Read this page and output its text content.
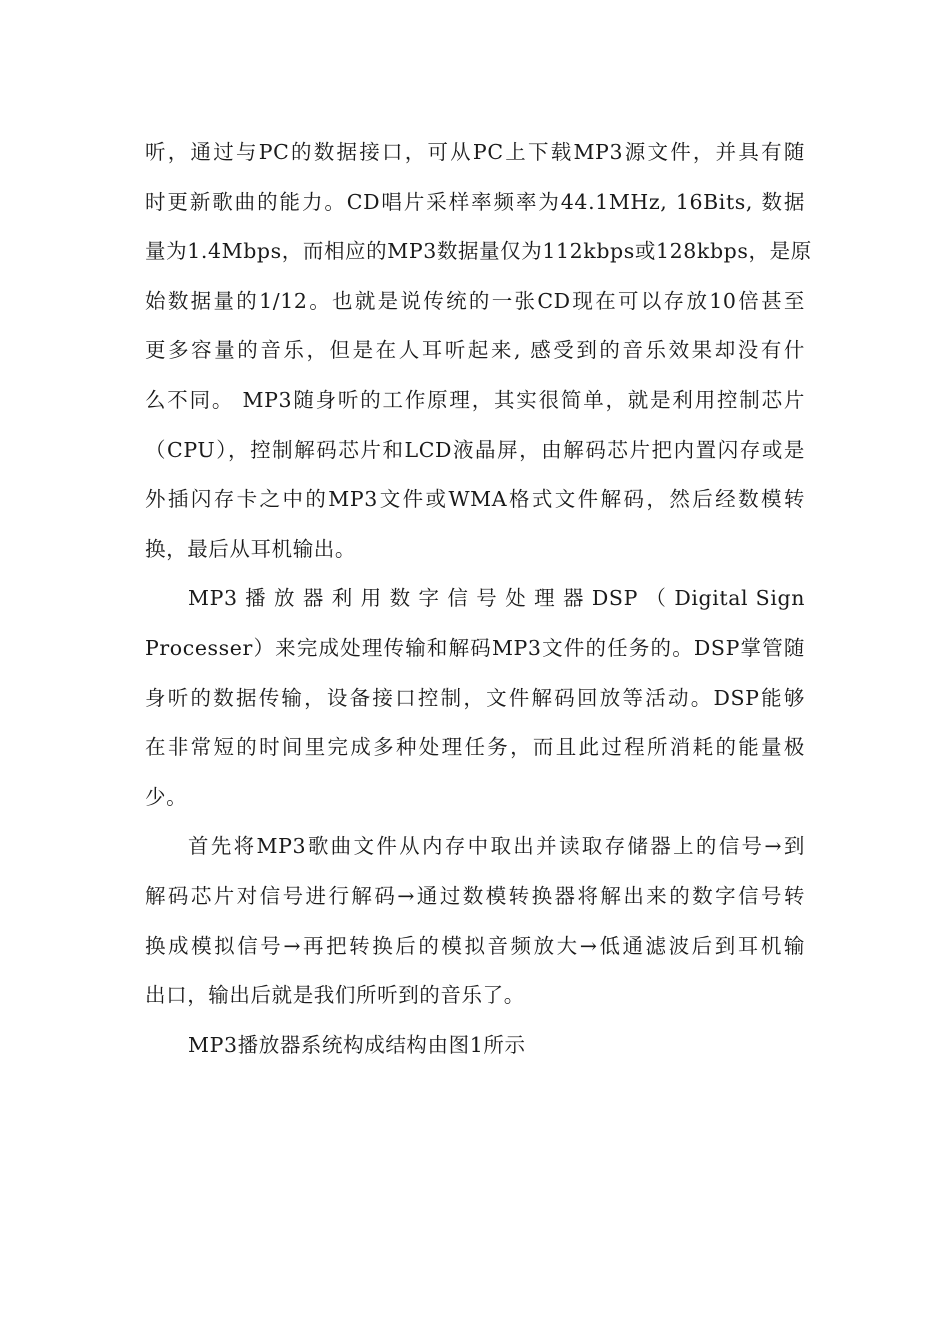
听，通过与PC的数据接口，可从PC上下载MP3源文件，并具有随
时更新歌曲的能力。CD唱片采样率频率为44.1MHz, 16Bits, 数据
量为1.4Mbps，而相应的MP3数据量仅为112kbps或128kbps，是原
始数据量的1/12。也就是说传统的一张CD现在可以存放10倍甚至
更多容量的音乐，但是在人耳听起来, 感受到的音乐效果却没有什
么不同。 MP3随身听的工作原理，其实很简单，就是利用控制芯片
（CPU），控制解码芯片和LCD液晶屏，由解码芯片把内置闪存或是
外插闪存卡之中的MP3文件或WMA格式文件解码，然后经数模转
换，最后从耳机输出。
MP3 播 放 器 利 用 数 字 信 号 处 理 器 DSP （ Digital Sign
Processer）来完成处理传输和解码MP3文件的任务的。DSP掌管随
身听的数据传输，设备接口控制，文件解码回放等活动。DSP能够
在非常短的时间里完成多种处理任务，而且此过程所消耗的能量极
少。
首先将MP3歌曲文件从内存中取出并读取存储器上的信号→到
解码芯片对信号进行解码→通过数模转换器将解出来的数字信号转
换成模拟信号→再把转换后的模拟音频放大→低通滤波后到耳机输
出口，输出后就是我们所听到的音乐了。
MP3播放器系统构成结构由图1所示
